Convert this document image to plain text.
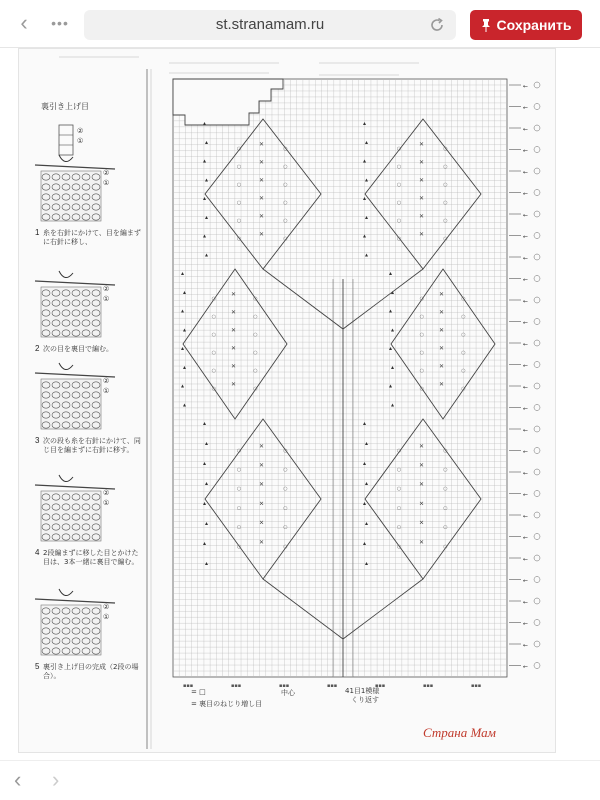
‹	•••	st.stranamam.ru	Сохранить
裏引き上げ目
②
①
②
①
1 糸を右針にかけて、目を編まず
に右針に移し、
②
①
2 次の目を裏目で編む。
②
①
3 次の段も糸を右針にかけて、同
じ目を編まずに右針に移す。
②
①
4 2段編まずに移した目とかけた
目は、3本一緒に裏目で編む。
②
①
5 裏引き上げ目の完成（2段の場
合）。
✕
○	○
✕
○	○
✕
○	○
✕
○	○
✕
○	○
✕
○	○
▴
▴
▴
▴
▴
▴
▴
▴
✕
○	○
✕
○	○
✕
○	○
✕
○	○
✕
○	○
✕
○	○
▴
▴
▴
▴
▴
▴
▴
▴
✕
○	○
✕
○	○
✕
○	○
✕
○	○
✕
○	○
✕
○	○
▴
▴
▴
▴
▴
▴
▴
▴
✕
○	○
✕
○	○
✕
○	○
✕
○	○
✕
○	○
✕
○	○
▴
▴
▴
▴
▴
▴
▴
▴
✕
○	○
✕
○	○
✕
○	○
✕
○	○
✕
○	○
✕
○	○
▴
▴
▴
▴
▴
▴
▴
▴
✕
○	○
✕
○	○
✕
○	○
✕
○	○
✕
○	○
✕
○	○
▴
▴
▴
▴
▴
▴
▴
▴
←
←
←
←
←
←
←
←
←
←
←
←
←
←
←
←
←
←
←
←
←
←
←
←
←
←
←
←
▪▪▪	▪▪▪	▪▪▪	▪▪▪	▪▪▪	▪▪▪	▪▪▪
中心	41目1模様
くり返す
= □
= 裏目のねじり増し目
Страна Мам
‹ ›
